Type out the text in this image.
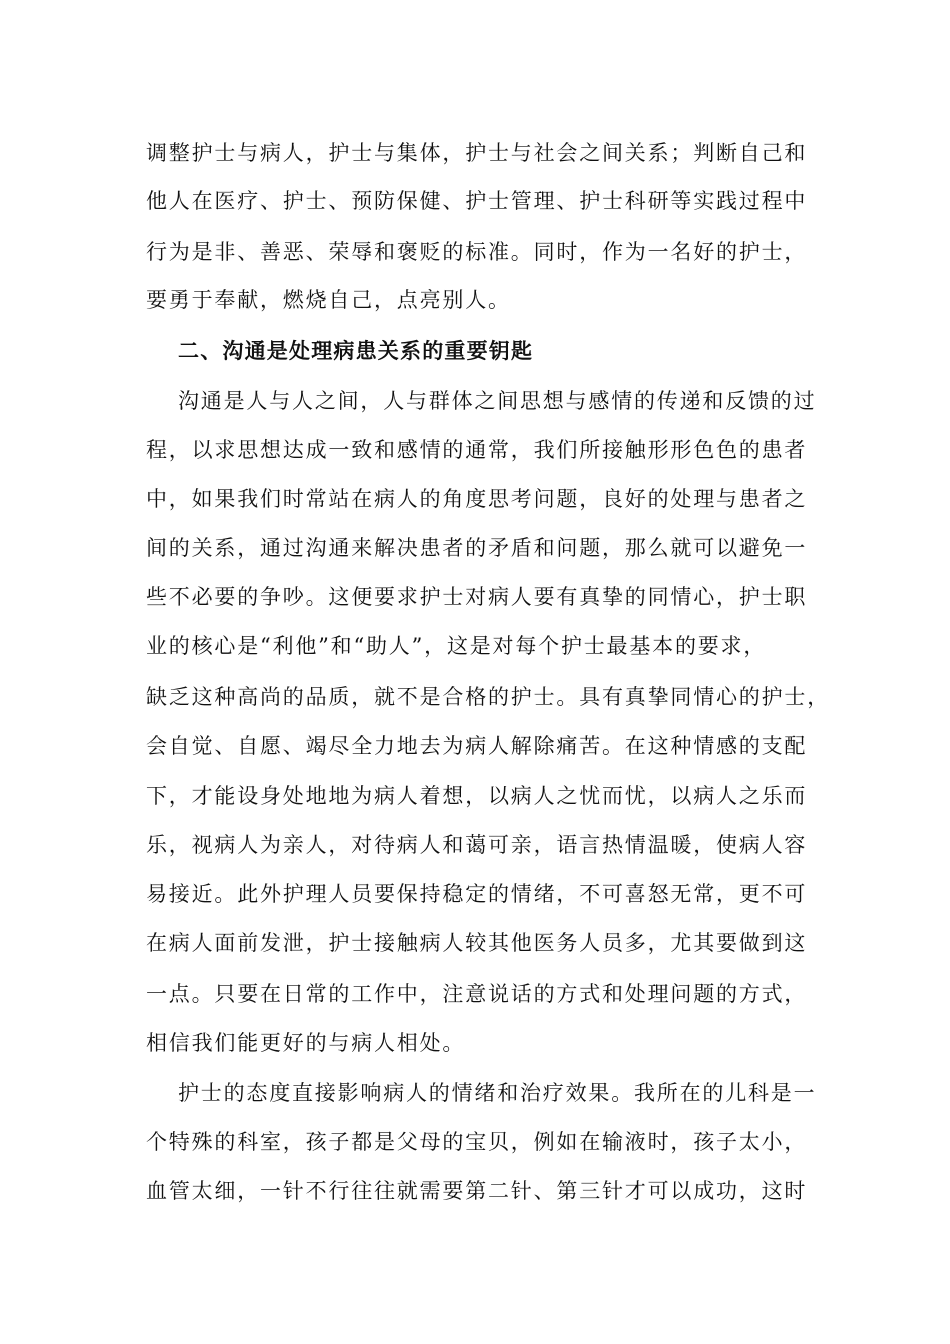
调整护士与病人，护士与集体，护士与社会之间关系；判断自己和
他人在医疗、护士、预防保健、护士管理、护士科研等实践过程中
行为是非、善恶、荣辱和褒贬的标准。同时，作为一名好的护士，
要勇于奉献，燃烧自己，点亮别人。
二、沟通是处理病患关系的重要钥匙
沟通是人与人之间，人与群体之间思想与感情的传递和反馈的过
程，以求思想达成一致和感情的通常，我们所接触形形色色的患者
中，如果我们时常站在病人的角度思考问题，良好的处理与患者之
间的关系，通过沟通来解决患者的矛盾和问题，那么就可以避免一
些不必要的争吵。这便要求护士对病人要有真挚的同情心，护士职
业的核心是“利他”和“助人”，这是对每个护士最基本的要求，
缺乏这种高尚的品质，就不是合格的护士。具有真挚同情心的护士，
会自觉、自愿、竭尽全力地去为病人解除痛苦。在这种情感的支配
下，才能设身处地地为病人着想，以病人之忧而忧，以病人之乐而
乐，视病人为亲人，对待病人和蔼可亲，语言热情温暖，使病人容
易接近。此外护理人员要保持稳定的情绪，不可喜怒无常，更不可
在病人面前发泄，护士接触病人较其他医务人员多，尤其要做到这
一点。只要在日常的工作中，注意说话的方式和处理问题的方式，
相信我们能更好的与病人相处。
护士的态度直接影响病人的情绪和治疗效果。我所在的儿科是一
个特殊的科室，孩子都是父母的宝贝，例如在输液时，孩子太小，
血管太细，一针不行往往就需要第二针、第三针才可以成功，这时
